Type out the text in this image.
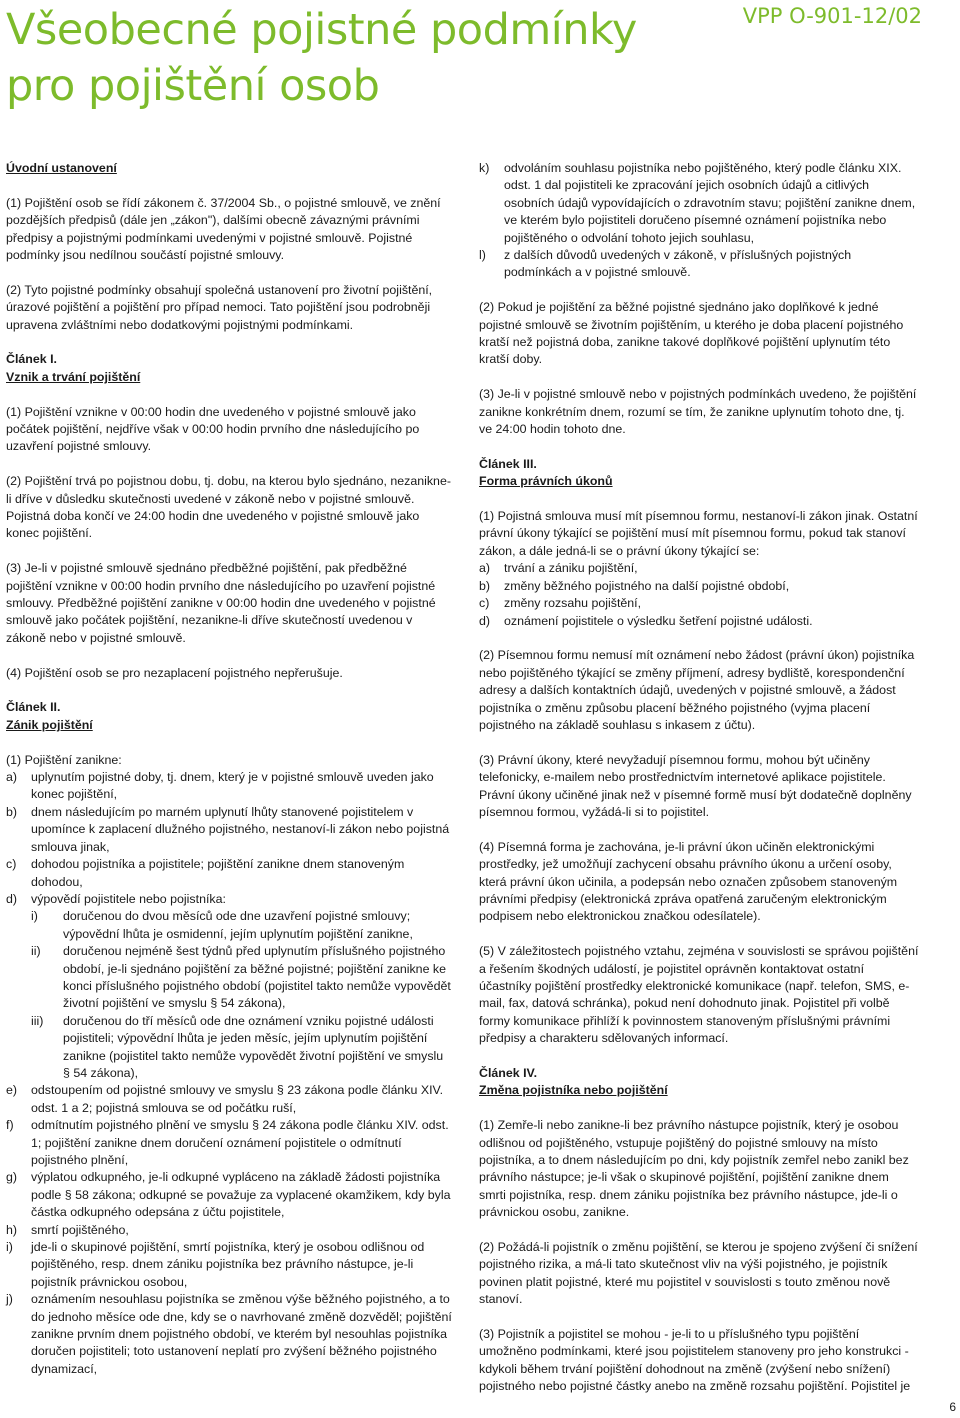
Všeobecné pojistné podmínky
pro pojištění osob
VPP O-901-12/02

Úvodní ustanovení

(1) Pojištění osob se řídí zákonem č. 37/2004 Sb., o pojistné smlouvě, ve znění pozdějších předpisů (dále jen „zákon"), dalšími obecně závaznými právními předpisy a pojistnými podmínkami uvedenými v pojistné smlouvě. Pojistné podmínky jsou nedílnou součástí pojistné smlouvy.

(2) Tyto pojistné podmínky obsahují společná ustanovení pro životní pojištění, úrazové pojištění a pojištění pro případ nemoci. Tato pojištění jsou podrobněji upravena zvláštními nebo dodatkovými pojistnými podmínkami.

Článek I.

Vznik a trvání pojištění

(1) Pojištění vznikne v 00:00 hodin dne uvedeného v pojistné smlouvě jako počátek pojištění, nejdříve však v 00:00 hodin prvního dne následujícího po uzavření pojistné smlouvy.

(2) Pojištění trvá po pojistnou dobu, tj. dobu, na kterou bylo sjednáno, nezanikne-li dříve v důsledku skutečnosti uvedené v zákoně nebo v pojistné smlouvě. Pojistná doba končí ve 24:00 hodin dne uvedeného v pojistné smlouvě jako konec pojištění.

(3) Je-li v pojistné smlouvě sjednáno předběžné pojištění, pak předběžné pojištění vznikne v 00:00 hodin prvního dne následujícího po uzavření pojistné smlouvy. Předběžné pojištění zanikne v 00:00 hodin dne uvedeného v pojistné smlouvě jako počátek pojištění, nezanikne-li dříve skutečností uvedenou v zákoně nebo v pojistné smlouvě.

(4) Pojištění osob se pro nezaplacení pojistného nepřerušuje.

Článek II.

Zánik pojištění

(1) Pojištění zanikne:

a)	uplynutím pojistné doby, tj. dnem, který je v pojistné smlouvě uveden jako konec pojištění,
b)	dnem následujícím po marném uplynutí lhůty stanovené pojistitelem v upomínce k zaplacení dlužného pojistného, nestanoví-li zákon nebo pojistná smlouva jinak,
c)	dohodou pojistníka a pojistitele; pojištění zanikne dnem stanoveným dohodou,
d)	výpovědí pojistitele nebo pojistníka:
i)	doručenou do dvou měsíců ode dne uzavření pojistné smlouvy; výpovědní lhůta je osmidenní, jejím uplynutím pojištění zanikne,
ii)	doručenou nejméně šest týdnů před uplynutím příslušného pojistného období, je-li sjednáno pojištění za běžné pojistné; pojištění zanikne ke konci příslušného pojistného období (pojistitel takto nemůže vypovědět životní pojištění ve smyslu § 54 zákona),
iii)	doručenou do tří měsíců ode dne oznámení vzniku pojistné události pojistiteli; výpovědní lhůta je jeden měsíc, jejím uplynutím pojištění zanikne (pojistitel takto nemůže vypovědět životní pojištění ve smyslu § 54 zákona),
e)	odstoupením od pojistné smlouvy ve smyslu § 23 zákona podle článku XIV. odst. 1 a 2; pojistná smlouva se od počátku ruší,
f)	odmítnutím pojistného plnění ve smyslu § 24 zákona podle článku XIV. odst. 1; pojištění zanikne dnem doručení oznámení pojistitele o odmítnutí pojistného plnění,
g)	výplatou odkupného, je-li odkupné vypláceno na základě žádosti pojistníka podle § 58 zákona; odkupné se považuje za vyplacené okamžikem, kdy byla částka odkupného odepsána z účtu pojistitele,
h)	smrtí pojištěného,
i)	jde-li o skupinové pojištění, smrtí pojistníka, který je osobou odlišnou od pojištěného, resp. dnem zániku pojistníka bez právního nástupce, je-li pojistník právnickou osobou,
j)	oznámením nesouhlasu pojistníka se změnou výše běžného pojistného, a to do jednoho měsíce ode dne, kdy se o navrhované změně dozvěděl; pojištění zanikne prvním dnem pojistného období, ve kterém byl nesouhlas pojistníka doručen pojistiteli; toto ustanovení neplatí pro zvýšení běžného pojistného dynamizací,
k)	odvoláním souhlasu pojistníka nebo pojištěného, který podle článku XIX. odst. 1 dal pojistiteli ke zpracování jejich osobních údajů a citlivých osobních údajů vypovídajících o zdravotním stavu; pojištění zanikne dnem, ve kterém bylo pojistiteli doručeno písemné oznámení pojistníka nebo pojištěného o odvolání tohoto jejich souhlasu,
l)	z dalších důvodů uvedených v zákoně, v příslušných pojistných podmínkách a v pojistné smlouvě.

(2) Pokud je pojištění za běžné pojistné sjednáno jako doplňkové k jedné pojistné smlouvě se životním pojištěním, u kterého je doba placení pojistného kratší než pojistná doba, zanikne takové doplňkové pojištění uplynutím této kratší doby.

(3) Je-li v pojistné smlouvě nebo v pojistných podmínkách uvedeno, že pojištění zanikne konkrétním dnem, rozumí se tím, že zanikne uplynutím tohoto dne, tj. ve 24:00 hodin tohoto dne.

Článek III.

Forma právních úkonů

(1) Pojistná smlouva musí mít písemnou formu, nestanoví-li zákon jinak. Ostatní právní úkony týkající se pojištění musí mít písemnou formu, pokud tak stanoví zákon, a dále jedná-li se o právní úkony týkající se:

a)	trvání a zániku pojištění,
b)	změny běžného pojistného na další pojistné období,
c)	změny rozsahu pojištění,
d)	oznámení pojistitele o výsledku šetření pojistné události.

(2) Písemnou formu nemusí mít oznámení nebo žádost (právní úkon) pojistníka nebo pojištěného týkající se změny příjmení, adresy bydliště, korespondenční adresy a dalších kontaktních údajů, uvedených v pojistné smlouvě, a žádost pojistníka o změnu způsobu placení běžného pojistného (vyjma placení pojistného na základě souhlasu s inkasem z účtu).

(3) Právní úkony, které nevyžadují písemnou formu, mohou být učiněny telefonicky, e-mailem nebo prostřednictvím internetové aplikace pojistitele. Právní úkony učiněné jinak než v písemné formě musí být dodatečně doplněny písemnou formou, vyžádá-li si to pojistitel.

(4) Písemná forma je zachována, je-li právní úkon učiněn elektronickými prostředky, jež umožňují zachycení obsahu právního úkonu a určení osoby, která právní úkon učinila, a podepsán nebo označen způsobem stanoveným právními předpisy (elektronická zpráva opatřená zaručeným elektronickým podpisem nebo elektronickou značkou odesílatele).

(5) V záležitostech pojistného vztahu, zejména v souvislosti se správou pojištění a řešením škodných událostí, je pojistitel oprávněn kontaktovat ostatní účastníky pojištění prostředky elektronické komunikace (např. telefon, SMS, e-mail, fax, datová schránka), pokud není dohodnuto jinak. Pojistitel při volbě formy komunikace přihlíží k povinnostem stanoveným příslušnými právními předpisy a charakteru sdělovaných informací.

Článek IV.

Změna pojistníka nebo pojištění

(1) Zemře-li nebo zanikne-li bez právního nástupce pojistník, který je osobou odlišnou od pojištěného, vstupuje pojištěný do pojistné smlouvy na místo pojistníka, a to dnem následujícím po dni, kdy pojistník zemřel nebo zanikl bez právního nástupce; je-li však o skupinové pojištění, pojištění zanikne dnem smrti pojistníka, resp. dnem zániku pojistníka bez právního nástupce, jde-li o právnickou osobu, zanikne.

(2) Požádá-li pojistník o změnu pojištění, se kterou je spojeno zvýšení či snížení pojistného rizika, a má-li tato skutečnost vliv na výši pojistného, je pojistník povinen platit pojistné, které mu pojistitel v souvislosti s touto změnou nově stanoví.

(3) Pojistník a pojistitel se mohou - je-li to u příslušného typu pojištění umožněno podmínkami, které jsou pojistitelem stanoveny pro jeho konstrukci - kdykoli během trvání pojištění dohodnout na změně (zvýšení nebo snížení) pojistného nebo pojistné částky anebo na změně rozsahu pojištění. Pojistitel je

6
